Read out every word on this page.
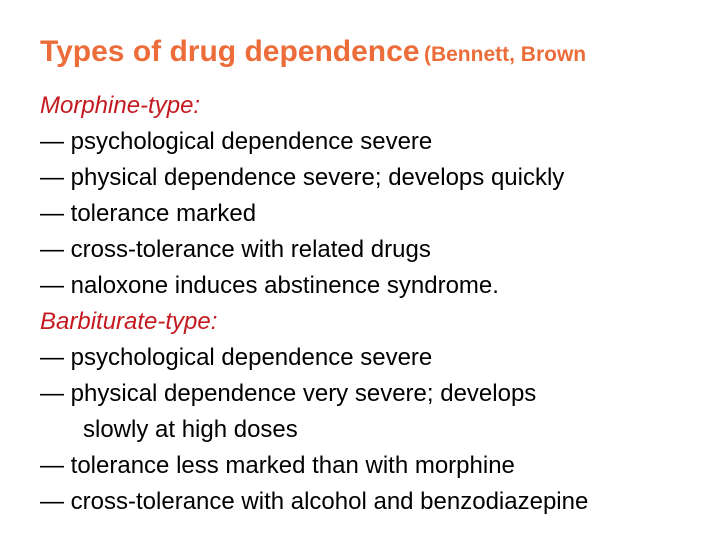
Types of drug dependence (Bennett, Brown
Morphine-type:
— psychological dependence severe
— physical dependence severe; develops quickly
— tolerance marked
— cross-tolerance with related drugs
— naloxone induces abstinence syndrome.
Barbiturate-type:
— psychological dependence severe
— physical dependence very severe; develops
slowly at high doses
— tolerance less marked than with morphine
— cross-tolerance with alcohol and benzodiazepine
